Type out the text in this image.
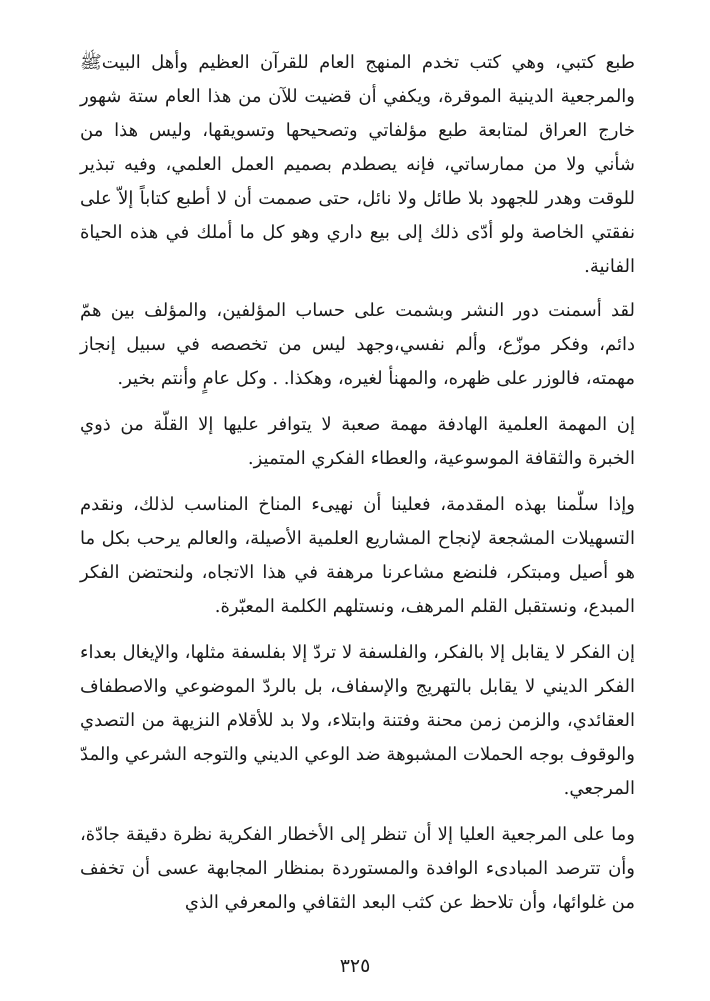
طبع كتبي، وهي كتب تخدم المنهج العام للقرآن العظيم وأهل البيتﷺ والمرجعية الدينية الموقرة، ويكفي أن قضيت للآن من هذا العام ستة شهور خارج العراق لمتابعة طبع مؤلفاتي وتصحيحها وتسويقها، وليس هذا من شأني ولا من ممارساتي، فإنه يصطدم بصميم العمل العلمي، وفيه تبذير للوقت وهدر للجهود بلا طائل ولا نائل، حتى صممت أن لا أطبع كتاباً إلاّ على نفقتي الخاصة ولو أدّى ذلك إلى بيع داري وهو كل ما أملك في هذه الحياة الفانية.

لقد أسمنت دور النشر وبشمت على حساب المؤلفين، والمؤلف بين همّ دائم، وفكر موزّع، وألم نفسي،وجهد ليس من تخصصه في سبيل إنجاز مهمته، فالوزر على ظهره، والمهنأ لغيره، وهكذا. . وكل عامٍ وأنتم بخير.

إن المهمة العلمية الهادفة مهمة صعبة لا يتوافر عليها إلا القلّة من ذوي الخبرة والثقافة الموسوعية، والعطاء الفكري المتميز.

وإذا سلّمنا بهذه المقدمة، فعلينا أن نهيىء المناخ المناسب لذلك، ونقدم التسهيلات المشجعة لإنجاح المشاريع العلمية الأصيلة، والعالم يرحب بكل ما هو أصيل ومبتكر، فلنضع مشاعرنا مرهفة في هذا الاتجاه، ولنحتضن الفكر المبدع، ونستقبل القلم المرهف، ونستلهم الكلمة المعبّرة.

إن الفكر لا يقابل إلا بالفكر، والفلسفة لا تردّ إلا بفلسفة مثلها، والإيغال بعداء الفكر الديني لا يقابل بالتهريج والإسفاف، بل بالردّ الموضوعي والاصطفاف العقائدي، والزمن زمن محنة وفتنة وابتلاء، ولا بد للأقلام النزيهة من التصدي والوقوف بوجه الحملات المشبوهة ضد الوعي الديني والتوجه الشرعي والمدّ المرجعي.

وما على المرجعية العليا إلا أن تنظر إلى الأخطار الفكرية نظرة دقيقة جادّة، وأن تترصد المبادىء الوافدة والمستوردة بمنظار المجابهة عسى أن تخفف من غلوائها، وأن تلاحظ عن كثب البعد الثقافي والمعرفي الذي

٣٢٥
